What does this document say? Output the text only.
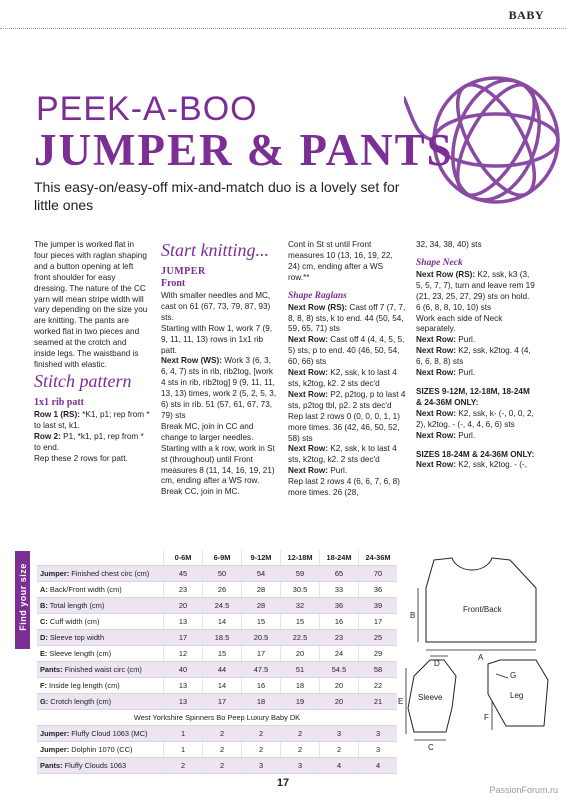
BABY
PEEK-A-BOO
JUMPER & PANTS
This easy-on/easy-off mix-and-match duo is a lovely set for little ones

The jumper is worked flat in four pieces with raglan shaping and a button opening at left front shoulder for easy dressing. The nature of the CC yarn will mean stripe width will vary depending on the size you are knitting. The pants are worked flat in two pieces and seamed at the crotch and inside legs. The waistband is finished with elastic.

Stitch pattern
1x1 rib patt

Row 1 (RS): *K1, p1; rep from * to last st, k1.

Row 2: P1, *k1, p1, rep from * to end.

Rep these 2 rows for patt.

Start knitting...
JUMPER
Front

With smaller needles and MC, cast on 61 (67, 73, 79, 87, 93) sts.

Starting with Row 1, work 7 (9, 9, 11, 11, 13) rows in 1x1 rib patt.

Next Row (WS): Work 3 (6, 3, 6, 4, 7) sts in rib, rib2tog, [work 4 sts in rib, rib2tog] 9 (9, 11, 11, 13, 13) times, work 2 (5, 2, 5, 3, 6) sts in rib. 51 (57, 61, 67, 73, 79) sts

Break MC, join in CC and change to larger needles. Starting with a k row, work in St st (throughout) until Front measures 8 (11, 14, 16, 19, 21) cm, ending after a WS row.

Break CC, join in MC.

Cont in St st until Front measures 10 (13, 16, 19, 22, 24) cm, ending after a WS row.**

Shape Raglans

Next Row (RS): Cast off 7 (7, 7, 8, 8, 8) sts, k to end. 44 (50, 54, 59, 65, 71) sts

Next Row: Cast off 4 (4, 4, 5, 5, 5) sts, p to end. 40 (46, 50, 54, 60, 66) sts

Next Row: K2, ssk, k to last 4 sts, k2tog, k2. 2 sts dec'd

Next Row: P2, p2tog, p to last 4 sts, p2tog tbl, p2. 2 sts dec'd

Rep last 2 rows 0 (0, 0, 0, 1, 1) more times. 36 (42, 46, 50, 52, 58) sts

Next Row: K2, ssk, k to last 4 sts, k2tog, k2. 2 sts dec'd

Next Row: Purl.

Rep last 2 rows 4 (6, 6, 7, 6, 8) more times. 26 (28,

32, 34, 38, 40) sts

Shape Neck

Next Row (RS): K2, ssk, k3 (3, 5, 5, 7, 7), turn and leave rem 19 (21, 23, 25, 27, 29) sts on hold. 6 (6, 8, 8, 10, 10) sts

Work each side of Neck separately.

Next Row: Purl.

Next Row: K2, ssk, k2tog. 4 (4, 6, 6, 8, 8) sts

Next Row: Purl.

SIZES 9-12M, 12-18M, 18-24M & 24-36M ONLY:

Next Row: K2, ssk, k- (-, 0, 0, 2, 2), k2tog. - (-, 4, 4, 6, 6) sts

Next Row: Purl.

SIZES 18-24M & 24-36M ONLY:

Next Row: K2, ssk, k2tog. - (-,

Find your size
	0-6M	6-9M	9-12M	12-18M	18-24M	24-36M
Jumper: Finished chest circ (cm)	45	50	54	59	65	70
A: Back/Front width (cm)	23	26	28	30.5	33	36
B: Total length (cm)	20	24.5	28	32	36	39
C: Cuff width (cm)	13	14	15	15	16	17
D: Sleeve top width	17	18.5	20.5	22.5	23	25
E: Sleeve length (cm)	12	15	17	20	24	29
Pants: Finished waist circ (cm)	40	44	47.5	51	54.5	58
F: Inside leg length (cm)	13	14	16	18	20	22
G: Crotch length (cm)	13	17	18	19	20	21
West Yorkshire Spinners Bo Peep Luxury Baby DK						
Jumper: Fluffy Cloud 1063 (MC)	1	2	2	2	3	3
Jumper: Dolphin 1070 (CC)	1	2	2	2	2	3
Pants: Fluffy Clouds 1063	2	2	3	3	4	4
Front/Back
B
A
Sleeve	Leg
E
D
C
F
G
17
PassionForum.ru
